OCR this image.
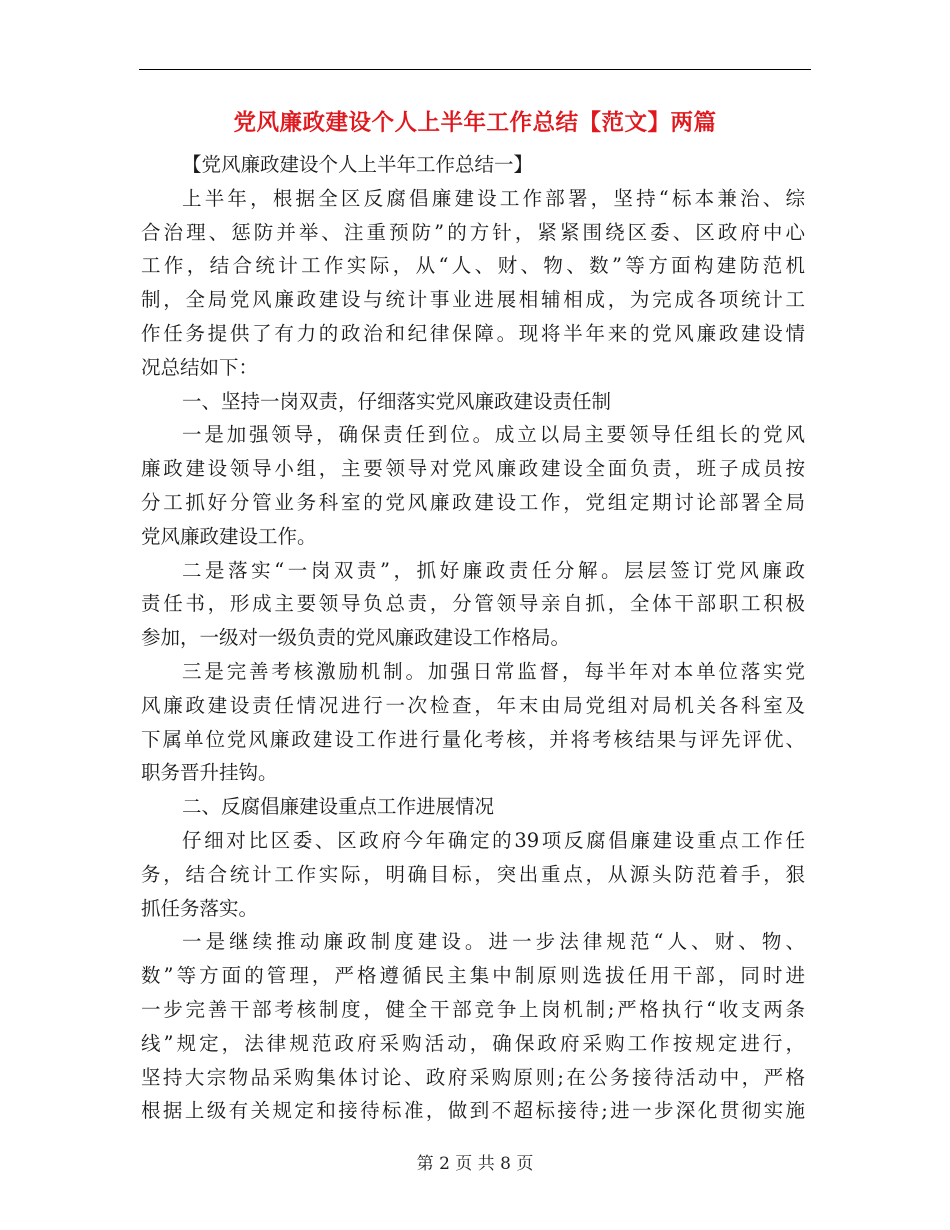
党风廉政建设个人上半年工作总结【范文】两篇
【党风廉政建设个人上半年工作总结一】
上半年，根据全区反腐倡廉建设工作部署，坚持“标本兼治、综
合治理、惩防并举、注重预防”的方针，紧紧围绕区委、区政府中心
工作，结合统计工作实际，从“人、财、物、数”等方面构建防范机
制，全局党风廉政建设与统计事业进展相辅相成，为完成各项统计工
作任务提供了有力的政治和纪律保障。现将半年来的党风廉政建设情
况总结如下：
一、坚持一岗双责，仔细落实党风廉政建设责任制
一是加强领导，确保责任到位。成立以局主要领导任组长的党风
廉政建设领导小组，主要领导对党风廉政建设全面负责，班子成员按
分工抓好分管业务科室的党风廉政建设工作，党组定期讨论部署全局
党风廉政建设工作。
二是落实“一岗双责”，抓好廉政责任分解。层层签订党风廉政
责任书，形成主要领导负总责，分管领导亲自抓，全体干部职工积极
参加，一级对一级负责的党风廉政建设工作格局。
三是完善考核激励机制。加强日常监督，每半年对本单位落实党
风廉政建设责任情况进行一次检查，年末由局党组对局机关各科室及
下属单位党风廉政建设工作进行量化考核，并将考核结果与评先评优、
职务晋升挂钩。
二、反腐倡廉建设重点工作进展情况
仔细对比区委、区政府今年确定的39项反腐倡廉建设重点工作任
务，结合统计工作实际，明确目标，突出重点，从源头防范着手，狠
抓任务落实。
一是继续推动廉政制度建设。进一步法律规范“人、财、物、
数”等方面的管理，严格遵循民主集中制原则选拔任用干部，同时进
一步完善干部考核制度，健全干部竞争上岗机制;严格执行“收支两条
线”规定，法律规范政府采购活动，确保政府采购工作按规定进行，
坚持大宗物品采购集体讨论、政府采购原则;在公务接待活动中，严格
根据上级有关规定和接待标准，做到不超标接待;进一步深化贯彻实施
第 2 页 共 8 页
